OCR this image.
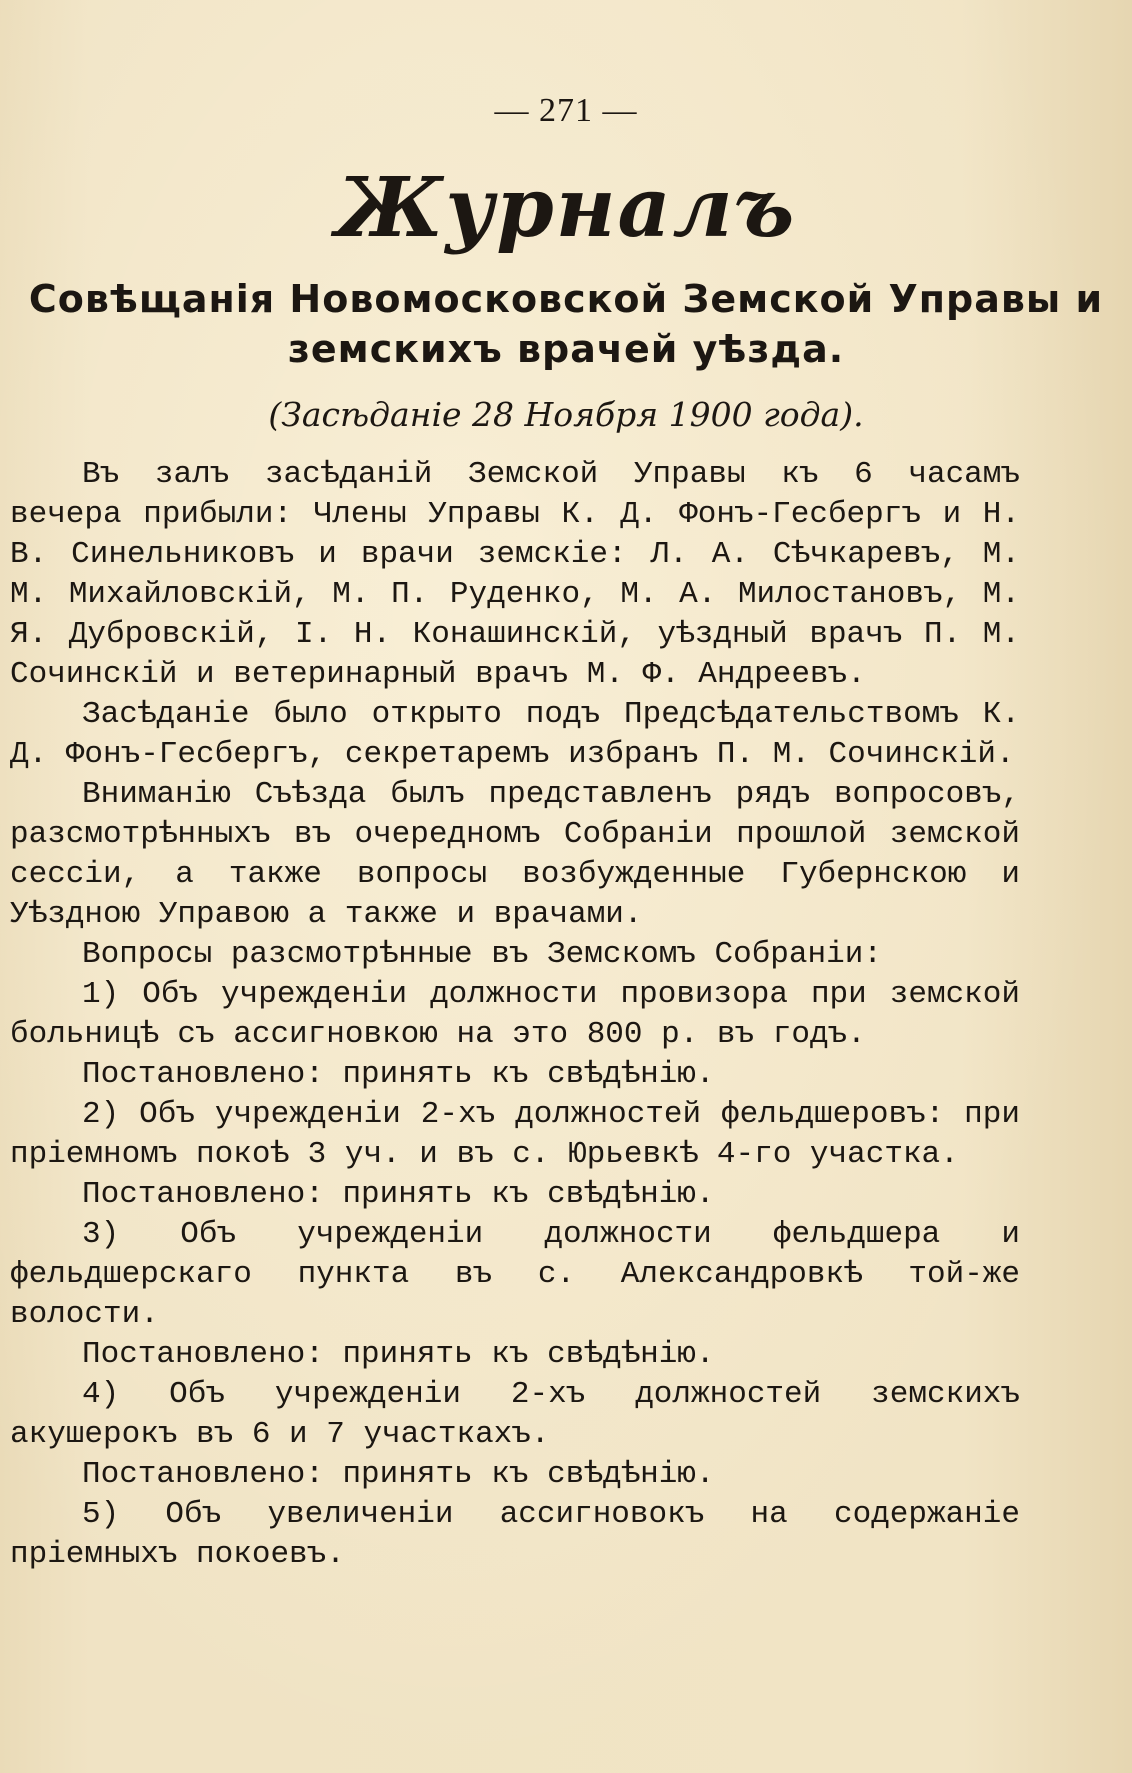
— 271 —
Журналъ
Совѣщанія Новомосковской Земской Управы и
земскихъ врачей уѣзда.
(Засѣданіе 28 Ноября 1900 года).

Въ залъ засѣданій Земской Управы къ 6 часамъ вечера прибыли: Члены Управы К. Д. Фонъ-Гесбергъ и Н. В. Синельниковъ и врачи земскіе: Л. А. Сѣчкаревъ, М. М. Михайловскій, М. П. Руденко, М. А. Милостановъ, М. Я. Дубровскій, І. Н. Конашинскій, уѣздный врачъ П. М. Сочинскій и ветеринарный врачъ М. Ф. Андреевъ.

Засѣданіе было открыто подъ Предсѣдательствомъ К. Д. Фонъ-Гесбергъ, секретаремъ избранъ П. М. Сочинскій.

Вниманію Съѣзда былъ представленъ рядъ вопросовъ, разсмотрѣнныхъ въ очередномъ Собраніи прошлой земской сессіи, а также вопросы возбужденные Губернскою и Уѣздною Управою а также и врачами.

Вопросы разсмотрѣнные въ Земскомъ Собраніи:

1) Объ учрежденіи должности провизора при земской больницѣ съ ассигновкою на это 800 р. въ годъ.

Постановлено: принять къ свѣдѣнію.

2) Объ учрежденіи 2-хъ должностей фельдшеровъ: при пріемномъ покоѣ 3 уч. и въ с. Юрьевкѣ 4-го участка.

Постановлено: принять къ свѣдѣнію.

3) Объ учрежденіи должности фельдшера и фельдшерскаго пункта въ с. Александровкѣ той-же волости.

Постановлено: принять къ свѣдѣнію.

4) Объ учрежденіи 2-хъ должностей земскихъ акушерокъ въ 6 и 7 участкахъ.

Постановлено: принять къ свѣдѣнію.

5) Объ увеличеніи ассигновокъ на содержаніе пріемныхъ покоевъ.
